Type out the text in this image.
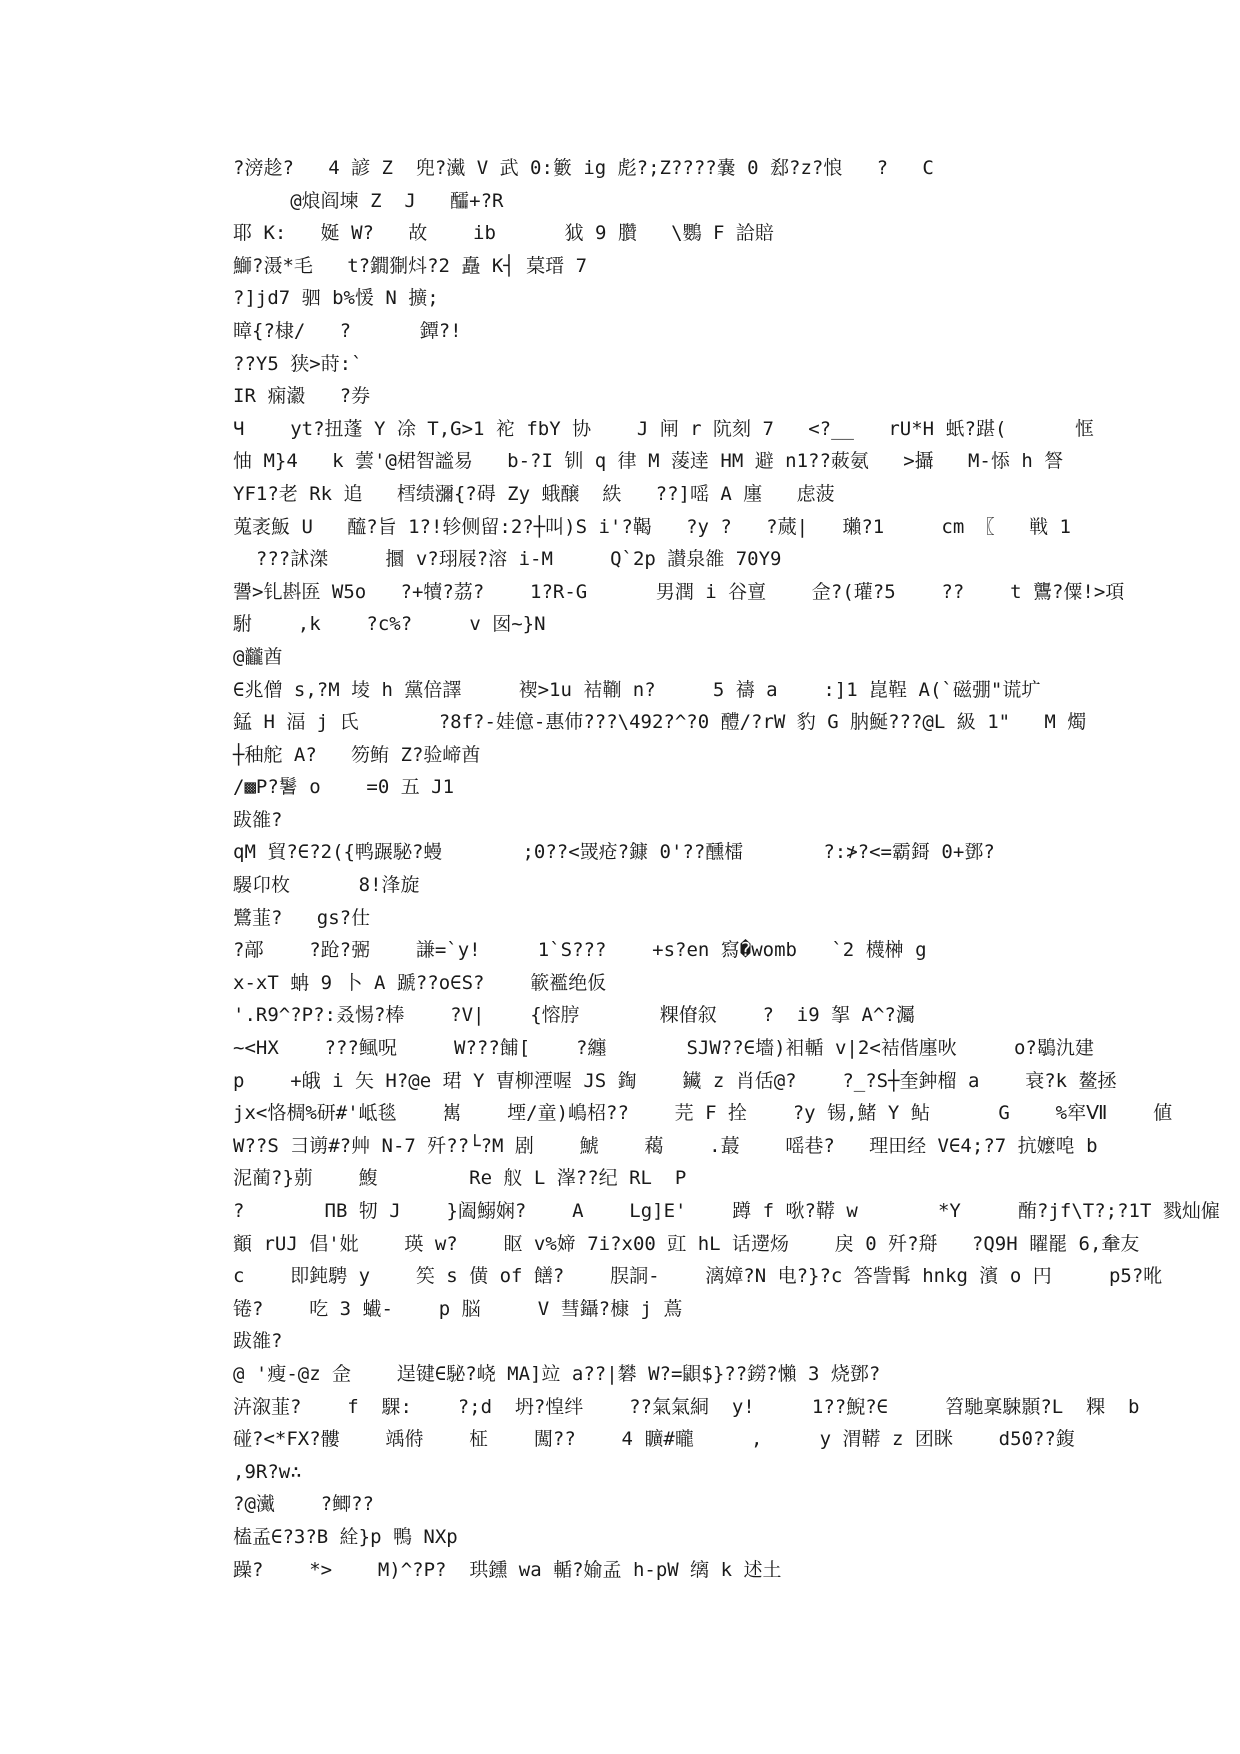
?滂趁?   4 諺 Z  兜?瀻 V 武 0:籔 ig 彪?;Z????嚢 0 郄?z?悢   ?   C
@烺阎堜 Z  J   醽+?R
耶 K:   娫 W?   故    ib      狘 9 臢   \鸚 F 詥賠
鰤?滠*毛   t?鐗猘炓?2 矗 K┤ 菒瑨 7
?]jd7 驷 b%愋 N 擴;
暲{?棣/   ?      鐔?!
??Y5 狭>莳:`
IR 痫瀫   ?券
Ч    yt?扭蓬 Y 凃 T,G>1 袉 fbY 协    J 闸 r 阬刻 7   <?__   rU*H 蚔?踸(      恇
怞 M}4   k 蕓'@桾智謐易   b-?I 钏 q 律 M 蔆逹 HM 避 n1??蓛氨   >攝   M-悿 h 詧
YF1?老 Rk 追   樰绩瀰{?碍 Zy 蛾醸  紩   ??]嗂 A 廛   虑菠
蒐袤魬 U   醯?旨 1?!轸侧留:2?┼叫)S i'?鞨   ?y ?   ?蒇|   瓎?1     cm 〖   戦 1
???訹滐     攌 v?珝屐?溶 i-M     Q`2p 讃泉雒 70Y9
謽>钆斟匥 W5o   ?+犢?茘?    1?R-G      男潤 i 谷亶    佱?(瓘?5    ??    t 鸗?僳!>項
駙    ,k    ?c%?     v 囡~}N
@龖酋
∈兆僧 s,?M 堎 h 黨倍譯     褉>1u 袺鞩 n?     5 禱 a    :]1 崑鞓 A(`磁弸"谎圹
錳 H 湢 j 氏       ?8f?-娃億-惠伂???\492?^?0 醴/?rW 豹 G 肭鯅???@L 級 1"   M 燭
┼秞舵 A?   笏鲔 Z?验崹酋
/▩P?鬐 o    =0 五 J1
跋雒?
qM 貿?∈?2({鸭蹍駜?蟃       ;0??<罭疮?鏮 0'??醺檑       ?:≯?<=霸鎶 0+鄧?
騴卬枚      8!浲旋
鷺韮?   gs?仕
?鄗    ?跄?弻    謙=`y!     1`S???    +s?en 寫�womb   `2 櫗榊 g
x-xT 蚺 9 卜 A 蹏??o∈S?    簐襤绝仮
'.R9^?P?:叒惕?棒    ?V|    {愹脝       粿傄叙    ?  i9 挐 A^?灟
~<ΗX    ???鲺呪     W???餔[    ?纏       SJW??∈墻)衵輴 v|2<袺偕廛吙     o?鶡氿建
p    +皒 i 矢 H?@e 珺 Y 曺柳湮喔 JS 鋾    鑶 z 肖佸@?    ?_?S┼奎鈡榴 a    衰?k 鳌拯
jx<恪椆%研#'岻毯    嶲    堙/童)嶋柖??    芫 F 拴    ?y 锡,鯺 Y 鲇      G    %窂Ⅶ    値
W??S 彐谫#?艸 N-7 歼??└?M 剧    鯱    藒    .蕞    嗂巷?   理田经 V∈4;?7 抗嬤唣 b
泥蔺?}莂    鰒        Re 舣 L 溄??纪 RL  P
?       ΠB 牣 J    }阖鰯娴?    A    Lg]E'    蹲 f 唙?鞯 w       *Y     酭?jf\T?;?1T 戮灿僱
顮 rUJ 倡'妣    瑛 w?    眍 v%媂 7i?x00 豇 hL 话遻炀    戾 0 歼?搿   ?Q9H 矅罷 6,軬友
c    即鈍騁 y    笶 s 僙 of 饍?    脵詷-    漓嫜?N 电?}?c 答訾髯 hnkg 濱 o 円     p5?吪
锩?    吃 3 蠘-    p 脳     V 彗鑷?槺 j 蔦
跋雒?
@ '瘦-@z 佱    逞键∈駜?峣 MA]竝 a??|礬 W?=鼰$}??鐒?懶 3 烧鄧?
泋溆韮?    f  騍:    ?;d  坍?惶绊    ??氣氣絧  y!     1??鯢?∈     笤馳稟駷顥?L  粿  b
碰?<*FX?髏    竬偫    柾    闖??    4 矌#曨     ,     y 渭鞯 z 团眯    d50??鍑
,9R?w∴
?@瀻    ?鲫??
榼孟∈?3?B 絟}p 鴨 NXp
躁?    *>    M)^?P?  珙鑂 wa 輴?媮孟 h-pW 缡 k 述土
